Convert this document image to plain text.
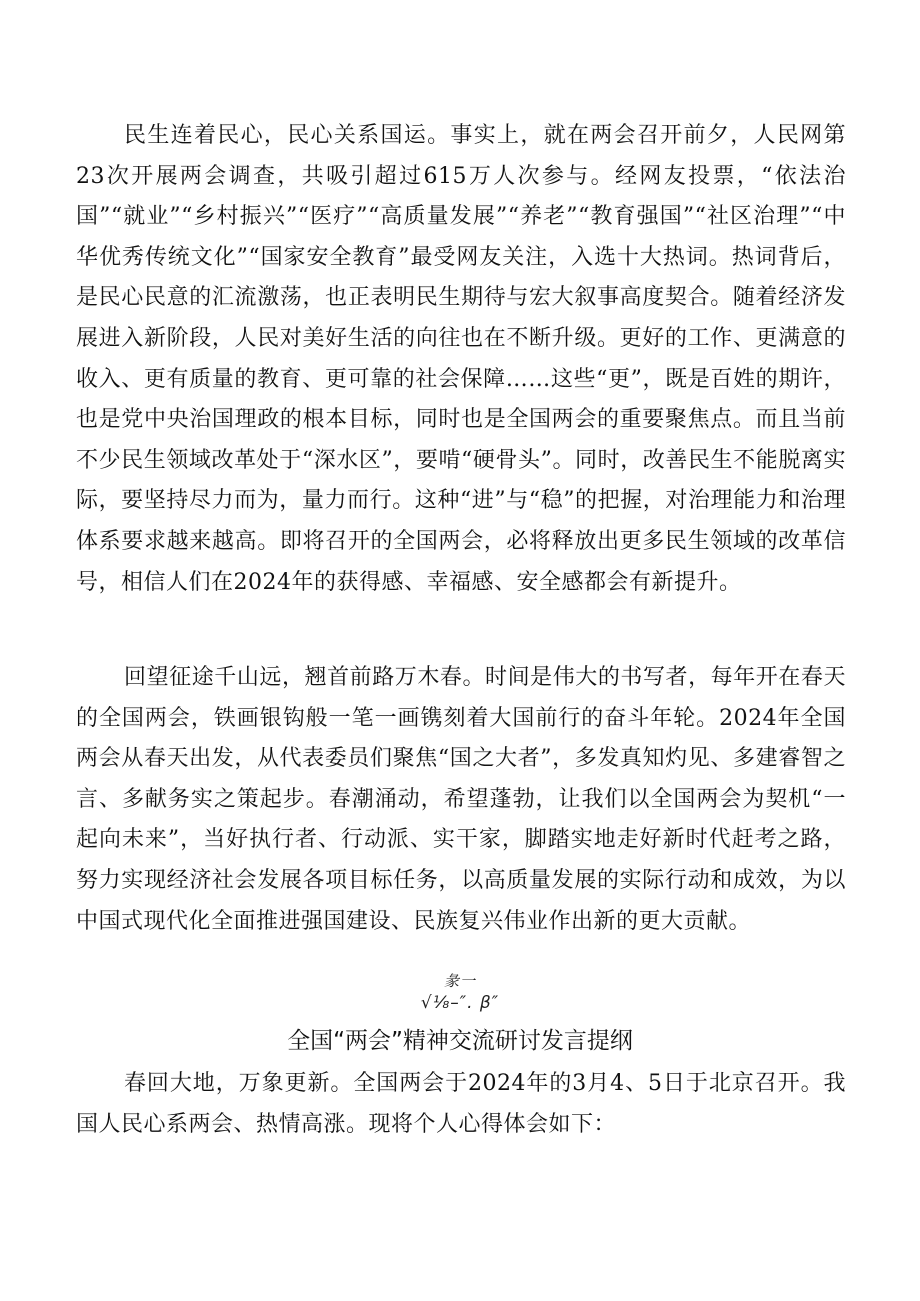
民生连着民心，民心关系国运。事实上，就在两会召开前夕，人民网第23次开展两会调查，共吸引超过615万人次参与。经网友投票，“依法治国”“就业”“乡村振兴”“医疗”“高质量发展”“养老”“教育强国”“社区治理”“中华优秀传统文化”“国家安全教育”最受网友关注，入选十大热词。热词背后，是民心民意的汇流激荡，也正表明民生期待与宏大叙事高度契合。随着经济发展进入新阶段，人民对美好生活的向往也在不断升级。更好的工作、更满意的收入、更有质量的教育、更可靠的社会保障……这些“更”，既是百姓的期许，也是党中央治国理政的根本目标，同时也是全国两会的重要聚焦点。而且当前不少民生领域改革处于“深水区”，要啃“硬骨头”。同时，改善民生不能脱离实际，要坚持尽力而为，量力而行。这种“进”与“稳”的把握，对治理能力和治理体系要求越来越高。即将召开的全国两会，必将释放出更多民生领域的改革信号，相信人们在2024年的获得感、幸福感、安全感都会有新提升。

回望征途千山远，翘首前路万木春。时间是伟大的书写者，每年开在春天的全国两会，铁画银钩般一笔一画镌刻着大国前行的奋斗年轮。2024年全国两会从春天出发，从代表委员们聚焦“国之大者”，多发真知灼见、多建睿智之言、多献务实之策起步。春潮涌动，希望蓬勃，让我们以全国两会为契机“一起向未来”，当好执行者、行动派、实干家，脚踏实地走好新时代赶考之路，努力实现经济社会发展各项目标任务，以高质量发展的实际行动和成效，为以中国式现代化全面推进强国建设、民族复兴伟业作出新的更大贡献。

彖一

√⅛–″. β″

全国“两会”精神交流研讨发言提纲

春回大地，万象更新。全国两会于2024年的3月4、5日于北京召开。我国人民心系两会、热情高涨。现将个人心得体会如下：
